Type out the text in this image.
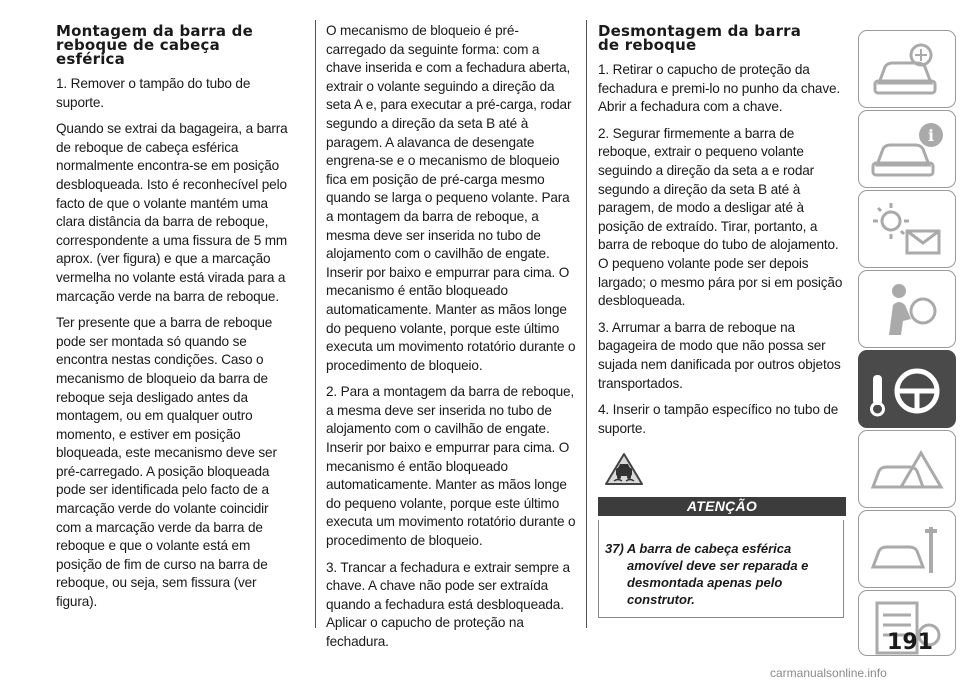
Montagem da barra de
reboque de cabeça
esférica

1. Remover o tampão do tubo de suporte.

Quando se extrai da bagageira, a barra de reboque de cabeça esférica normalmente encontra-se em posição desbloqueada. Isto é reconhecível pelo facto de que o volante mantém uma clara distância da barra de reboque, correspondente a uma fissura de 5 mm aprox. (ver figura) e que a marcação vermelha no volante está virada para a marcação verde na barra de reboque.

Ter presente que a barra de reboque pode ser montada só quando se encontra nestas condições. Caso o mecanismo de bloqueio da barra de reboque seja desligado antes da montagem, ou em qualquer outro momento, e estiver em posição bloqueada, este mecanismo deve ser pré-carregado. A posição bloqueada pode ser identificada pelo facto de a marcação verde do volante coincidir com a marcação verde da barra de reboque e que o volante está em posição de fim de curso na barra de reboque, ou seja, sem fissura (ver figura).

O mecanismo de bloqueio é pré-carregado da seguinte forma: com a chave inserida e com a fechadura aberta, extrair o volante seguindo a direção da seta A e, para executar a pré-carga, rodar segundo a direção da seta B até à paragem. A alavanca de desengate engrena-se e o mecanismo de bloqueio fica em posição de pré-carga mesmo quando se larga o pequeno volante. Para a montagem da barra de reboque, a mesma deve ser inserida no tubo de alojamento com o cavilhão de engate. Inserir por baixo e empurrar para cima. O mecanismo é então bloqueado automaticamente. Manter as mãos longe do pequeno volante, porque este último executa um movimento rotatório durante o procedimento de bloqueio.

2. Para a montagem da barra de reboque, a mesma deve ser inserida no tubo de alojamento com o cavilhão de engate. Inserir por baixo e empurrar para cima. O mecanismo é então bloqueado automaticamente. Manter as mãos longe do pequeno volante, porque este último executa um movimento rotatório durante o procedimento de bloqueio.

3. Trancar a fechadura e extrair sempre a chave. A chave não pode ser extraída quando a fechadura está desbloqueada. Aplicar o capucho de proteção na fechadura.

Desmontagem da barra
de reboque

1. Retirar o capucho de proteção da fechadura e premi-lo no punho da chave. Abrir a fechadura com a chave.

2. Segurar firmemente a barra de reboque, extrair o pequeno volante seguindo a direção da seta a e rodar segundo a direção da seta B até à paragem, de modo a desligar até à posição de extraído. Tirar, portanto, a barra de reboque do tubo de alojamento. O pequeno volante pode ser depois largado; o mesmo pára por si em posição desbloqueada.

3. Arrumar a barra de reboque na bagageira de modo que não possa ser sujada nem danificada por outros objetos transportados.

4. Inserir o tampão específico no tubo de suporte.

ATENÇÃO
37) A barra de cabeça esférica amovível deve ser reparada e desmontada apenas pelo construtor.
i
191
carmanualsonline.info
